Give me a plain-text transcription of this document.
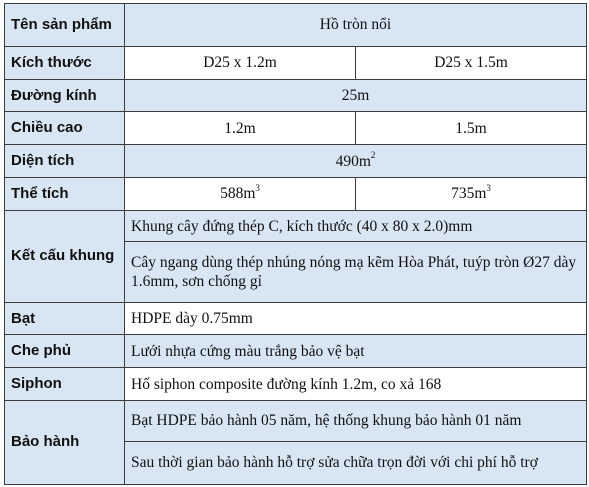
Tên sản phẩm	Hồ tròn nổi	
Kích thước	D25 x 1.2m	D25 x 1.5m
Đường kính	25m	
Chiều cao	1.2m	1.5m
Diện tích	$490m^2$
Thể tích	$588m^3$	$735m^3$
Kết cấu khung	Khung cây đứng thép C, kích thước (40 x 80 x 2.0)mm	
	Cây ngang dùng thép nhúng nóng mạ kẽm Hòa Phát, tuýp tròn Ø27 dày 1.6mm, sơn chống gỉ	
Bạt	HDPE dày 0.75mm	
Che phủ	Lưới nhựa cứng màu trắng bảo vệ bạt	
Siphon	Hố siphon composite đường kính 1.2m, co xả 168	
Bảo hành	Bạt HDPE bảo hành 05 năm, hệ thống khung bảo hành 01 năm	
	Sau thời gian bảo hành hỗ trợ sửa chữa trọn đời với chi phí hỗ trợ	
